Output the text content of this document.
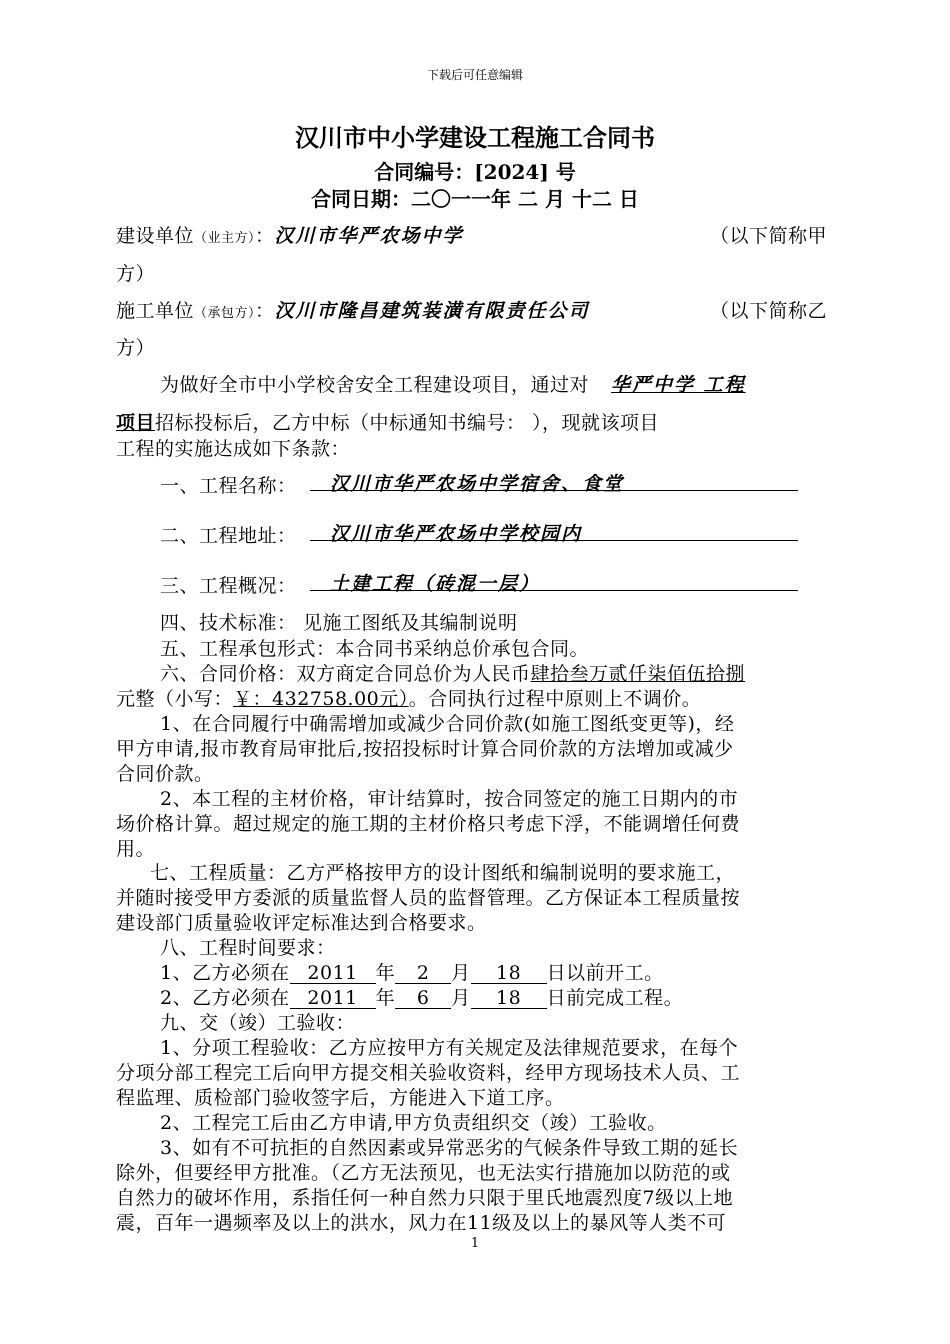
下载后可任意编辑
汉川市中小学建设工程施工合同书
合同编号：[2024] 号
合同日期：二〇一一年 二 月 十二 日
建设单位（业主方）：汉川市华严农场中学	（以下简称甲
方）
施工单位（承包方）：汉川市隆昌建筑装潢有限责任公司	（以下简称乙
方）
为做好全市中小学校舍安全工程建设项目，通过对 华严中学 工程
项目招标投标后，乙方中标（中标通知书编号： ），现就该项目
工程的实施达成如下条款：
一、工程名称： 汉川市华严农场中学宿舍、食堂
二、工程地址： 汉川市华严农场中学校园内
三、工程概况： 土建工程（砖混一层）
四、技术标准： 见施工图纸及其编制说明
五、工程承包形式：本合同书采纳总价承包合同。
六、合同价格：双方商定合同总价为人民币肆拾叁万贰仟柒佰伍拾捌
元整（小写：￥：432758.00元）。合同执行过程中原则上不调价。
1、在合同履行中确需增加或减少合同价款(如施工图纸变更等)，经
甲方申请,报市教育局审批后,按招投标时计算合同价款的方法增加或减少
合同价款。
2、本工程的主材价格，审计结算时，按合同签定的施工日期内的市
场价格计算。超过规定的施工期的主材价格只考虑下浮，不能调增任何费
用。
七、工程质量：乙方严格按甲方的设计图纸和编制说明的要求施工，
并随时接受甲方委派的质量监督人员的监督管理。乙方保证本工程质量按
建设部门质量验收评定标准达到合格要求。
八、工程时间要求：
1、乙方必须在 2011 年 2 月 18 日以前开工。
2、乙方必须在 2011 年 6 月 18 日前完成工程。
九、交（竣）工验收：
1、分项工程验收：乙方应按甲方有关规定及法律规范要求，在每个
分项分部工程完工后向甲方提交相关验收资料，经甲方现场技术人员、工
程监理、质检部门验收签字后，方能进入下道工序。
2、工程完工后由乙方申请,甲方负责组织交（竣）工验收。
3、如有不可抗拒的自然因素或异常恶劣的气候条件导致工期的延长
除外，但要经甲方批准。（乙方无法预见，也无法实行措施加以防范的或
自然力的破坏作用，系指任何一种自然力只限于里氏地震烈度7级以上地
震，百年一遇频率及以上的洪水，风力在11级及以上的暴风等人类不可
1
